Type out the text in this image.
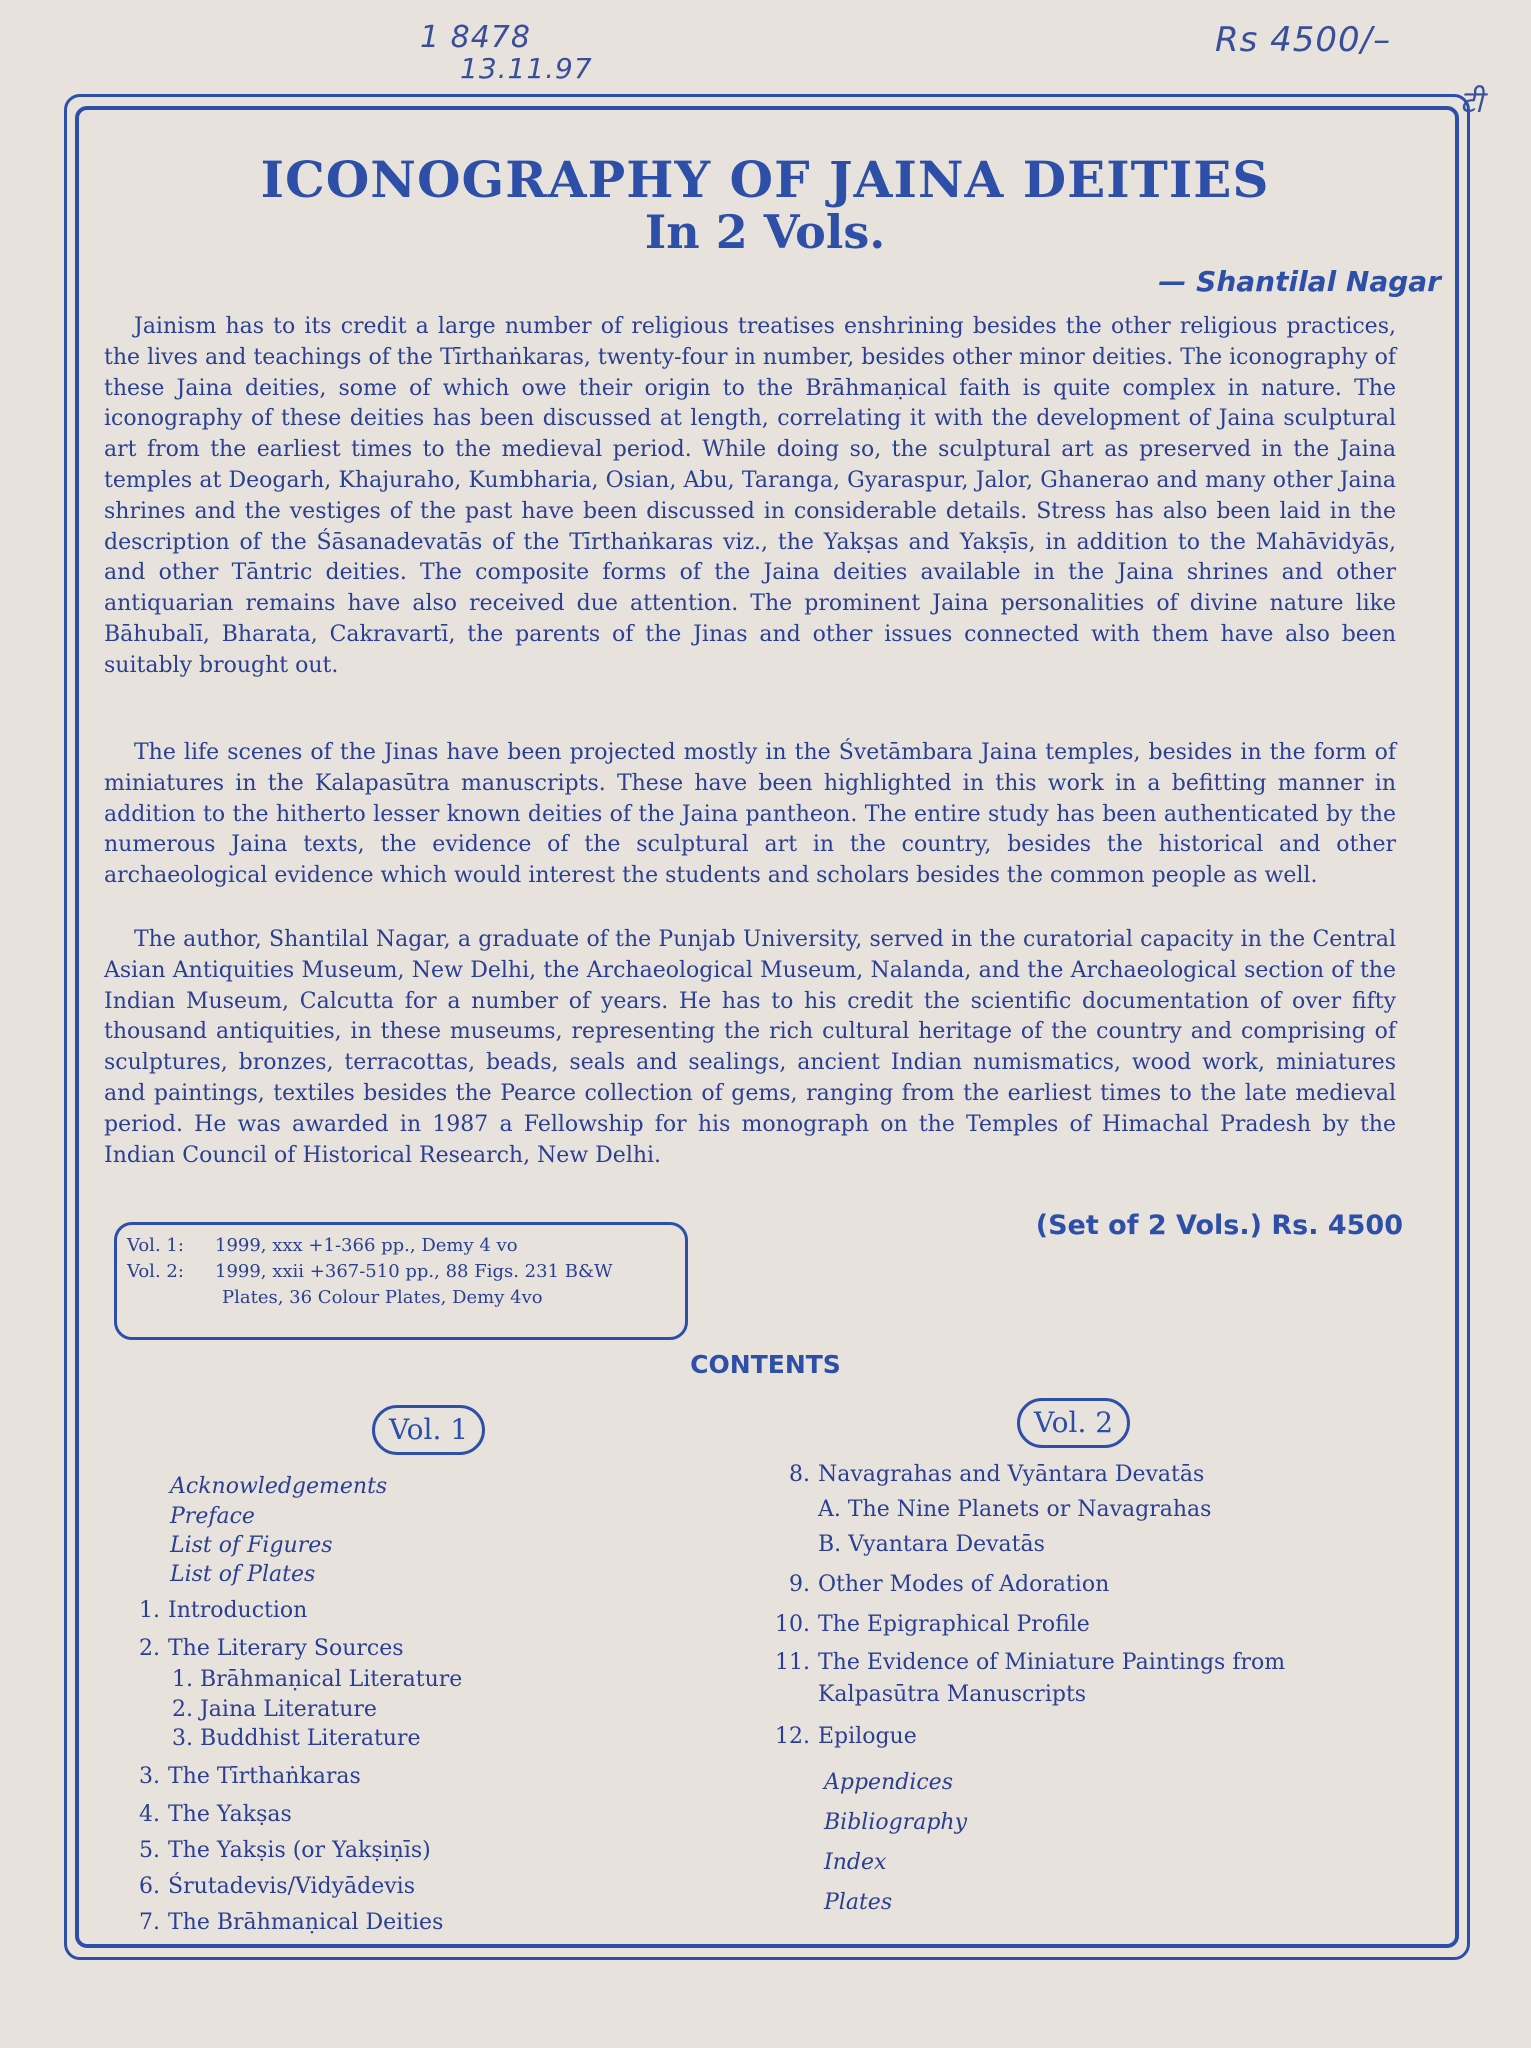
1 8478
13.11.97
Rs 4500/–
टी
ICONOGRAPHY OF JAINA DEITIES
In 2 Vols.
— Shantilal Nagar

Jainism has to its credit a large number of religious treatises enshrining besides the other religious practices, the lives and teachings of the Tīrthaṅkaras, twenty-four in number, besides other minor deities. The iconography of these Jaina deities, some of which owe their origin to the Brāhmaṇical faith is quite complex in nature. The iconography of these deities has been discussed at length, correlating it with the development of Jaina sculptural art from the earliest times to the medieval period. While doing so, the sculptural art as preserved in the Jaina temples at Deogarh, Khajuraho, Kumbharia, Osian, Abu, Taranga, Gyaraspur, Jalor, Ghanerao and many other Jaina shrines and the vestiges of the past have been discussed in considerable details. Stress has also been laid in the description of the Śāsanadevatās of the Tīrthaṅkaras viz., the Yakṣas and Yakṣīs, in addition to the Mahāvidyās, and other Tāntric deities. The composite forms of the Jaina deities available in the Jaina shrines and other antiquarian remains have also received due attention. The prominent Jaina personalities of divine nature like Bāhubalī, Bharata, Cakravartī, the parents of the Jinas and other issues connected with them have also been suitably brought out.

The life scenes of the Jinas have been projected mostly in the Śvetāmbara Jaina temples, besides in the form of miniatures in the Kalapasūtra manuscripts. These have been highlighted in this work in a befitting manner in addition to the hitherto lesser known deities of the Jaina pantheon. The entire study has been authenticated by the numerous Jaina texts, the evidence of the sculptural art in the country, besides the historical and other archaeological evidence which would interest the students and scholars besides the common people as well.

The author, Shantilal Nagar, a graduate of the Punjab University, served in the curatorial capacity in the Central Asian Antiquities Museum, New Delhi, the Archaeological Museum, Nalanda, and the Archaeological section of the Indian Museum, Calcutta for a number of years. He has to his credit the scientific documentation of over fifty thousand antiquities, in these museums, representing the rich cultural heritage of the country and comprising of sculptures, bronzes, terracottas, beads, seals and sealings, ancient Indian numismatics, wood work, miniatures and paintings, textiles besides the Pearce collection of gems, ranging from the earliest times to the late medieval period. He was awarded in 1987 a Fellowship for his monograph on the Temples of Himachal Pradesh by the Indian Council of Historical Research, New Delhi.

(Set of 2 Vols.) Rs. 4500
Vol. 1:	1999, xxx +1-366 pp., Demy 4 vo
Vol. 2:	1999, xxii +367-510 pp., 88 Figs. 231 B&W
Plates, 36 Colour Plates, Demy 4vo
CONTENTS
Vol. 1	Vol. 2
Acknowledgements
Preface
List of Figures
List of Plates
1. Introduction
2. The Literary Sources
1. Brāhmaṇical Literature
2. Jaina Literature
3. Buddhist Literature
3. The Tīrthaṅkaras
4. The Yakṣas
5. The Yakṣis (or Yakṣiṇīs)
6. Śrutadevis/Vidyādevis
7. The Brāhmaṇical Deities
8. Navagrahas and Vyāntara Devatās
A. The Nine Planets or Navagrahas
B. Vyantara Devatās
9. Other Modes of Adoration
10. The Epigraphical Profile
11. The Evidence of Miniature Paintings from
Kalpasūtra Manuscripts
12. Epilogue
Appendices
Bibliography
Index
Plates
